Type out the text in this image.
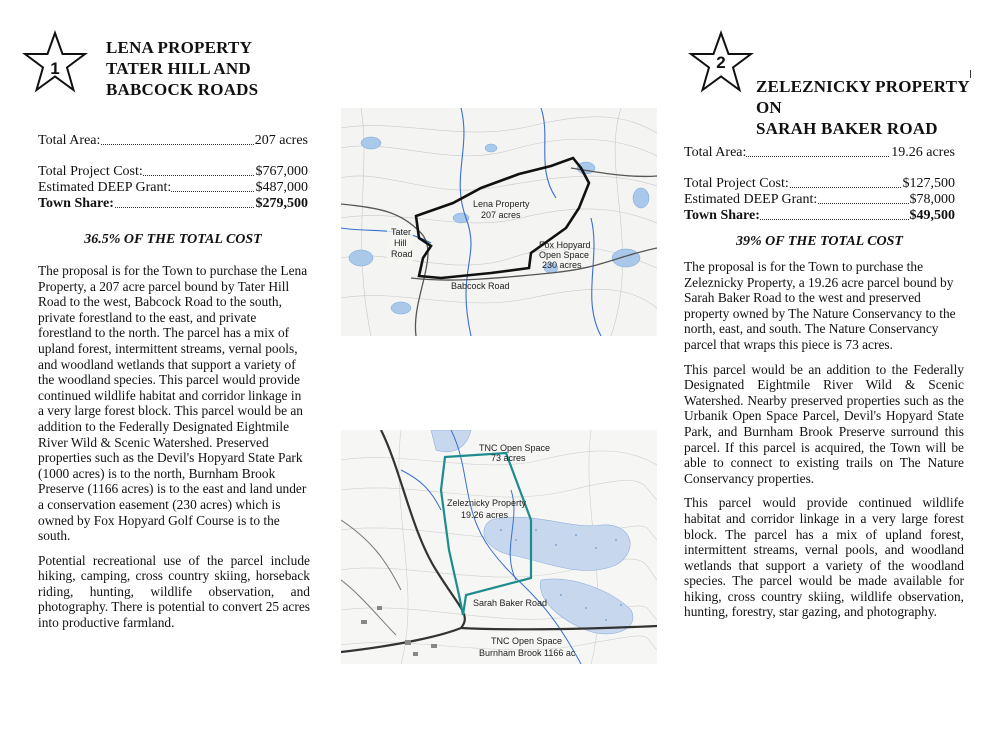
1
LENA PROPERTY
TATER HILL AND
BABCOCK ROADS
Total Area:	207 acres
Total Project Cost:	$767,000
Estimated DEEP Grant:	$487,000
Town Share:	$279,500
36.5% OF THE TOTAL COST

The proposal is for the Town to purchase the Lena Property, a 207 acre parcel bound by Tater Hill Road to the west, Babcock Road to the south, private forestland to the east, and private forestland to the north. The parcel has a mix of upland forest, intermittent streams, vernal pools, and woodland wetlands that support a variety of the woodland species. This parcel would provide continued wildlife habitat and corridor linkage in a very large forest block. This parcel would be an addition to the Federally Designated Eightmile River Wild & Scenic Watershed. Preserved properties such as the Devil's Hopyard State Park (1000 acres) is to the north, Burnham Brook Preserve (1166 acres) is to the east and land under a conservation easement (230 acres) which is owned by Fox Hopyard Golf Course is to the south.

Potential recreational use of the parcel include hiking, camping, cross country skiing, horseback riding, hunting, wildlife observation, and photography. There is potential to convert 25 acres into productive farmland.

Lena Property
207 acres
Tater
Hill
Road
Fox Hopyard
Open Space
230 acres
Babcock Road
TNC Open Space
73 acres
Zeleznicky Property
19.26 acres
Sarah Baker Road
TNC Open Space
Burnham Brook 1166 ac
2
ZELEZNICKY PROPERTY
ON
SARAH BAKER ROAD
Total Area:	19.26 acres
Total Project Cost:	$127,500
Estimated DEEP Grant:	$78,000
Town Share:	$49,500
39% OF THE TOTAL COST

The proposal is for the Town to purchase the Zeleznicky Property, a 19.26 acre parcel bound by Sarah Baker Road to the west and preserved property owned by The Nature Conservancy to the north, east, and south. The Nature Conservancy parcel that wraps this piece is 73 acres.

This parcel would be an addition to the Federally Designated Eightmile River Wild & Scenic Watershed. Nearby preserved properties such as the Urbanik Open Space Parcel, Devil's Hopyard State Park, and Burnham Brook Preserve surround this parcel. If this parcel is acquired, the Town will be able to connect to existing trails on The Nature Conservancy properties.

This parcel would provide continued wildlife habitat and corridor linkage in a very large forest block. The parcel has a mix of upland forest, intermittent streams, vernal pools, and woodland wetlands that support a variety of the woodland species. The parcel would be made available for hiking, cross country skiing, wildlife observation, hunting, forestry, star gazing, and photography.
